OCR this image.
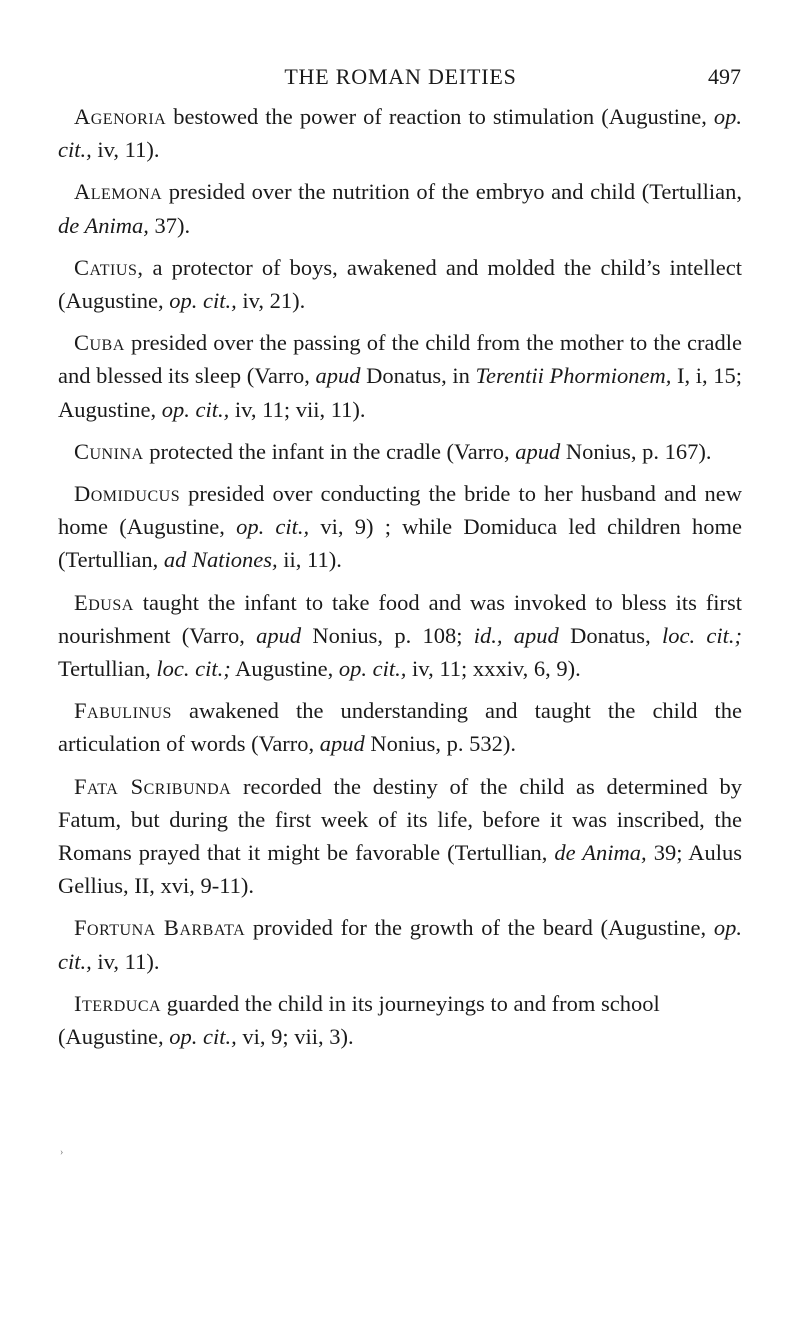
THE ROMAN DEITIES	497

Agenoria bestowed the power of reaction to stimulation (Augustine, op. cit., iv, 11).

Alemona presided over the nutrition of the embryo and child (Tertullian, de Anima, 37).

Catius, a protector of boys, awakened and molded the child’s intellect (Augustine, op. cit., iv, 21).

Cuba presided over the passing of the child from the mother to the cradle and blessed its sleep (Varro, apud Donatus, in Terentii Phormionem, I, i, 15; Augustine, op. cit., iv, 11; vii, 11).

Cunina protected the infant in the cradle (Varro, apud Nonius, p. 167).

Domiducus presided over conducting the bride to her husband and new home (Augustine, op. cit., vi, 9) ; while Domiduca led children home (Tertullian, ad Nationes, ii, 11).

Edusa taught the infant to take food and was invoked to bless its first nourishment (Varro, apud Nonius, p. 108; id., apud Donatus, loc. cit.; Tertullian, loc. cit.; Augustine, op. cit., iv, 11; xxxiv, 6, 9).

Fabulinus awakened the understanding and taught the child the articulation of words (Varro, apud Nonius, p. 532).

Fata Scribunda recorded the destiny of the child as determined by Fatum, but during the first week of its life, before it was inscribed, the Romans prayed that it might be favorable (Tertullian, de Anima, 39; Aulus Gellius, II, xvi, 9-11).

Fortuna Barbata provided for the growth of the beard (Augustine, op. cit., iv, 11).

Iterduca guarded the child in its journeyings to and from school (Augustine, op. cit., vi, 9; vii, 3).

›
